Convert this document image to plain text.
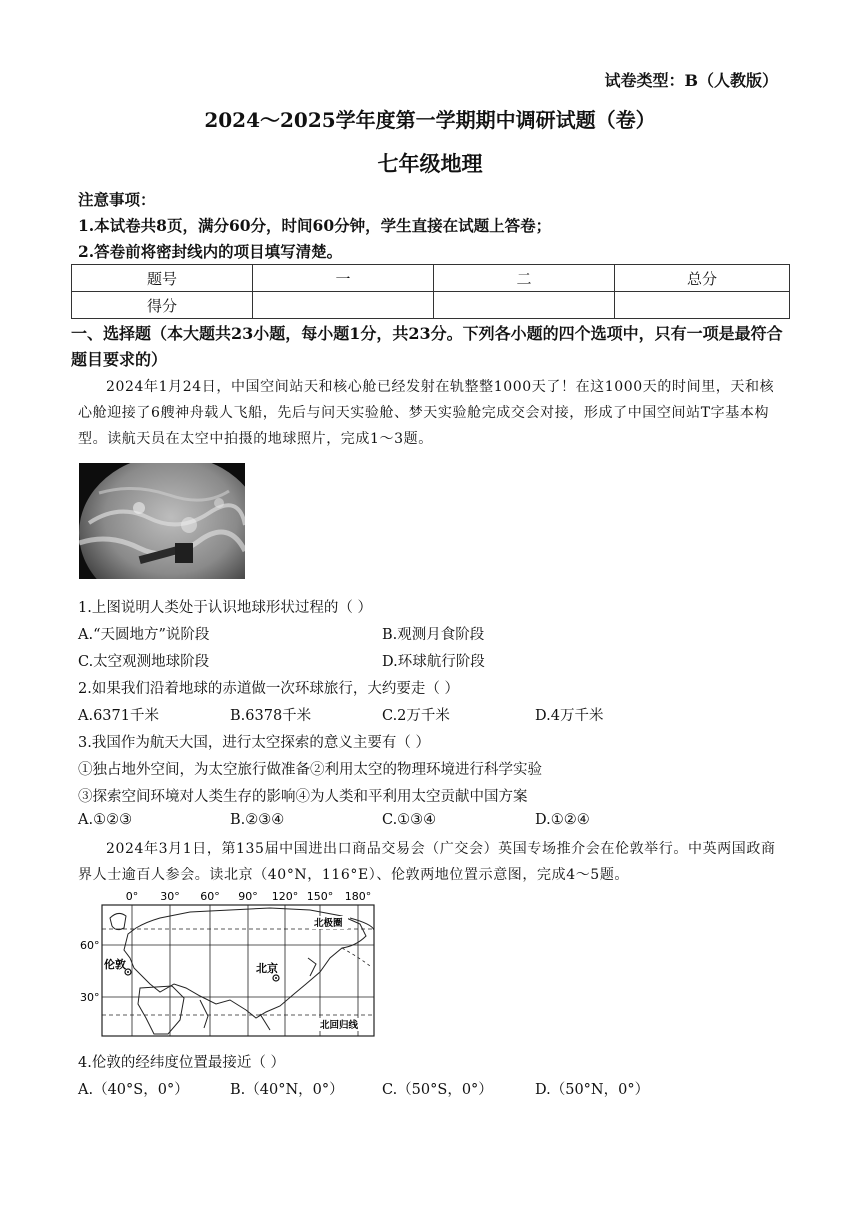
试卷类型：B（人教版）
2024～2025学年度第一学期期中调研试题（卷）
七年级地理
注意事项：
1.本试卷共8页，满分60分，时间60分钟，学生直接在试题上答卷；
2.答卷前将密封线内的项目填写清楚。
题号	一	二	总分
得分			
一、选择题（本大题共23小题，每小题1分，共23分。下列各小题的四个选项中，只有一项是最符合题目要求的）
2024年1月24日，中国空间站天和核心舱已经发射在轨整整1000天了！在这1000天的时间里，天和核心舱迎接了6艘神舟载人飞船，先后与问天实验舱、梦天实验舱完成交会对接，形成了中国空间站T字基本构型。读航天员在太空中拍摄的地球照片，完成1～3题。
1.上图说明人类处于认识地球形状过程的（ ）
A.“天圆地方”说阶段	B.观测月食阶段
C.太空观测地球阶段	D.环球航行阶段
2.如果我们沿着地球的赤道做一次环球旅行，大约要走（ ）
A.6371千米	B.6378千米	C.2万千米	D.4万千米
3.我国作为航天大国，进行太空探索的意义主要有（ ）
①独占地外空间，为太空旅行做准备②利用太空的物理环境进行科学实验
③探索空间环境对人类生存的影响④为人类和平利用太空贡献中国方案
A.①②③	B.②③④	C.①③④	D.①②④
2024年3月1日，第135届中国进出口商品交易会（广交会）英国专场推介会在伦敦举行。中英两国政商界人士逾百人参会。读北京（40°N，116°E）、伦敦两地位置示意图，完成4～5题。
0° 30° 60° 90° 120° 150° 180°
60°
30°
伦敦	北京
北极圈
北回归线
4.伦敦的经纬度位置最接近（ ）
A.（40°S，0°）	B.（40°N，0°）	C.（50°S，0°）	D.（50°N，0°）
